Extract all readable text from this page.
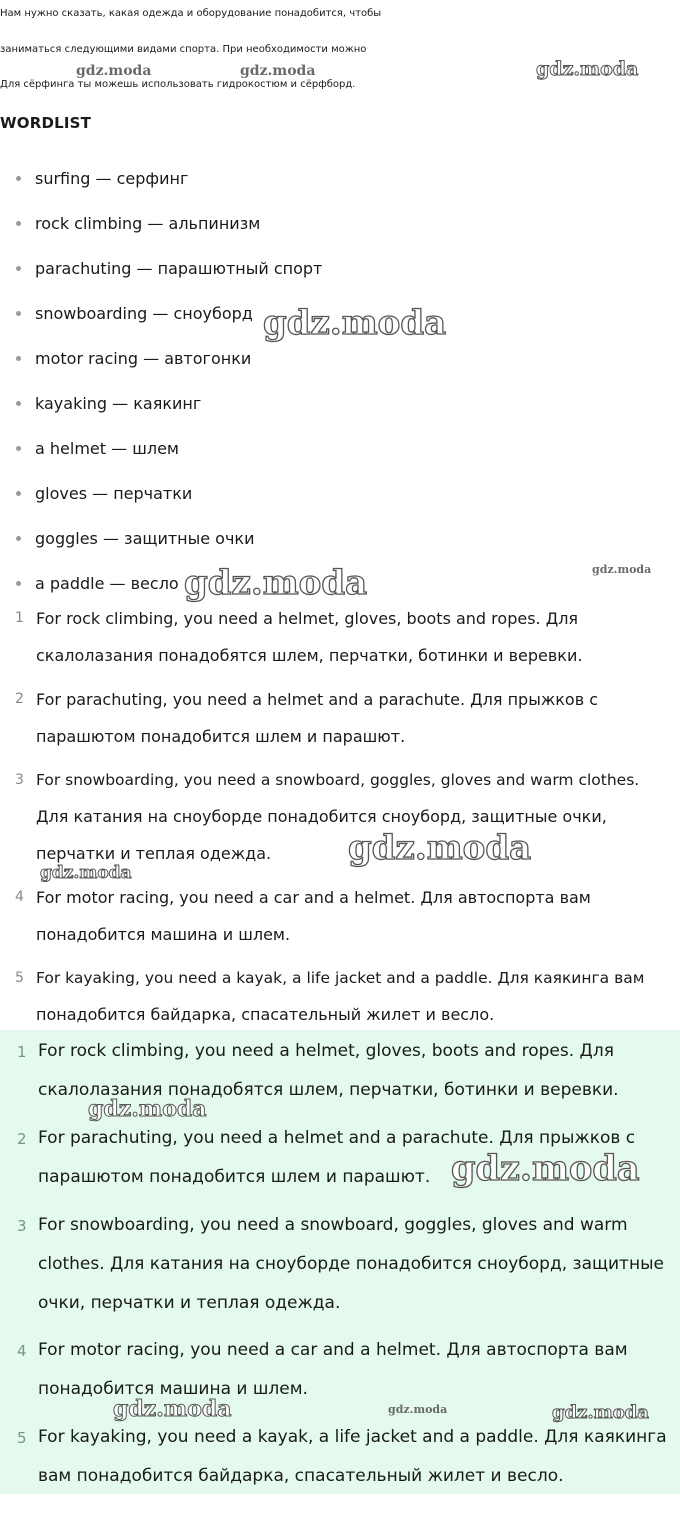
Нам нужно сказать, какая одежда и оборудование понадобится, чтобы
заниматься следующими видами спорта. При необходимости можно
Для сёрфинга ты можешь использовать гидрокостюм и сёрфборд.
WORDLIST
surfing — серфинг
rock climbing — альпинизм
parachuting — парашютный спорт
snowboarding — сноуборд
motor racing — автогонки
kayaking — каякинг
a helmet — шлем
gloves — перчатки
goggles — защитные очки
a paddle — весло
1 For rock climbing, you need a helmet, gloves, boots and ropes. Для
скалолазания понадобятся шлем, перчатки, ботинки и веревки.
2 For parachuting, you need a helmet and a parachute. Для прыжков с
парашютом понадобится шлем и парашют.
3 For snowboarding, you need a snowboard, goggles, gloves and warm clothes.
Для катания на сноуборде понадобится сноуборд, защитные очки,
перчатки и теплая одежда.
4 For motor racing, you need a car and a helmet. Для автоспорта вам
понадобится машина и шлем.
5 For kayaking, you need a kayak, a life jacket and a paddle. Для каякинга вам
понадобится байдарка, спасательный жилет и весло.
1 For rock climbing, you need a helmet, gloves, boots and ropes. Для
скалолазания понадобятся шлем, перчатки, ботинки и веревки.
2 For parachuting, you need a helmet and a parachute. Для прыжков с
парашютом понадобится шлем и парашют.
3 For snowboarding, you need a snowboard, goggles, gloves and warm
clothes. Для катания на сноуборде понадобится сноуборд, защитные
очки, перчатки и теплая одежда.
4 For motor racing, you need a car and a helmet. Для автоспорта вам
понадобится машина и шлем.
5 For kayaking, you need a kayak, a life jacket and a paddle. Для каякинга
вам понадобится байдарка, спасательный жилет и весло.
gdz.moda	gdz.moda	gdz.moda
gdz.moda
gdz.moda	gdz.moda
gdz.moda
gdz.moda
gdz.moda
gdz.moda
gdz.moda	gdz.moda	gdz.moda
